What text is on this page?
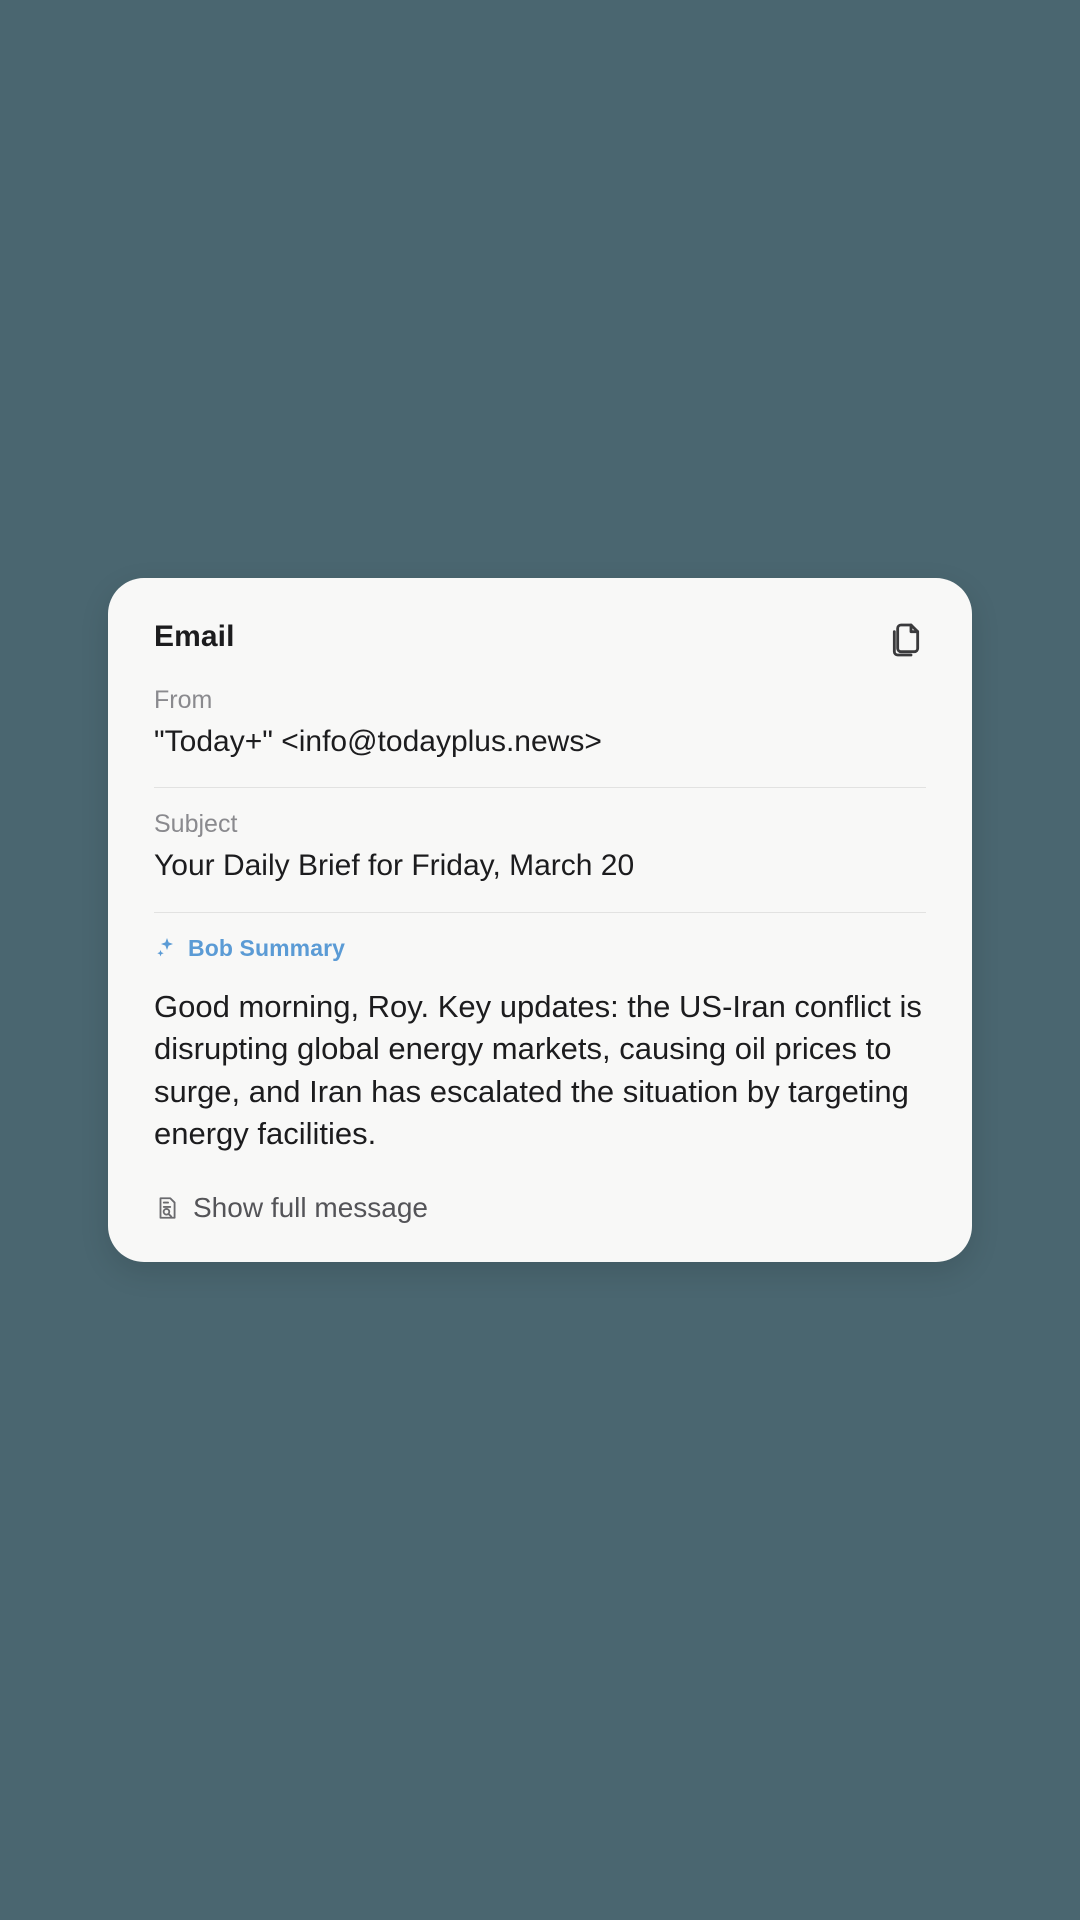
Email
From
"Today+" <info@todayplus.news>
Subject
Your Daily Brief for Friday, March 20
Bob Summary
Good morning, Roy. Key updates: the US-Iran conflict is disrupting global energy markets, causing oil prices to surge, and Iran has escalated the situation by targeting energy facilities.
Show full message
